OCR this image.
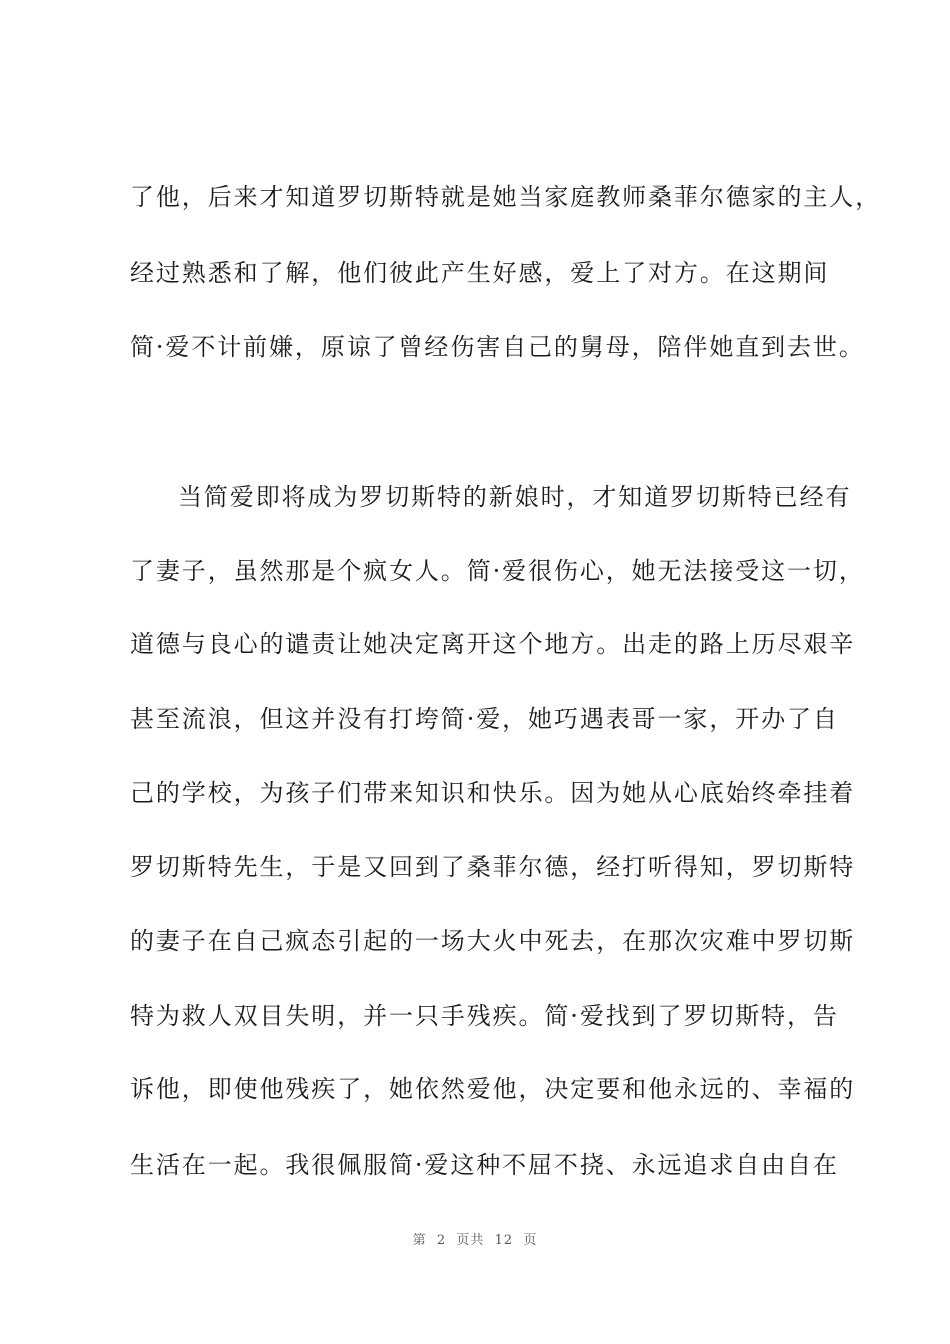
了他，后来才知道罗切斯特就是她当家庭教师桑菲尔德家的主人，
经过熟悉和了解，他们彼此产生好感，爱上了对方。在这期间
简·爱不计前嫌，原谅了曾经伤害自己的舅母，陪伴她直到去世。
当简爱即将成为罗切斯特的新娘时，才知道罗切斯特已经有
了妻子，虽然那是个疯女人。简·爱很伤心，她无法接受这一切，
道德与良心的谴责让她决定离开这个地方。出走的路上历尽艰辛
甚至流浪，但这并没有打垮简·爱，她巧遇表哥一家，开办了自
己的学校，为孩子们带来知识和快乐。因为她从心底始终牵挂着
罗切斯特先生，于是又回到了桑菲尔德，经打听得知，罗切斯特
的妻子在自己疯态引起的一场大火中死去，在那次灾难中罗切斯
特为救人双目失明，并一只手残疾。简·爱找到了罗切斯特，告
诉他，即使他残疾了，她依然爱他，决定要和他永远的、幸福的
生活在一起。我很佩服简·爱这种不屈不挠、永远追求自由自在
第  2  页共  12  页
